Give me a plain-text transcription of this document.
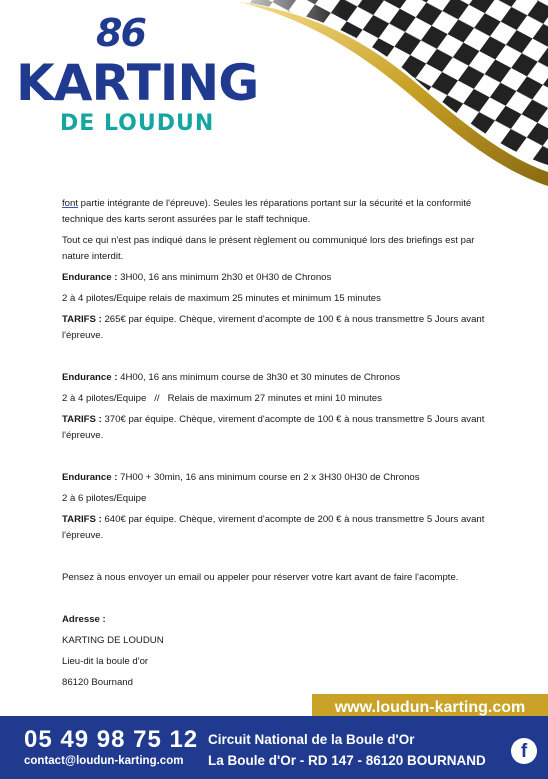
86
KARTING
DE LOUDUN

font partie intégrante de l'épreuve). Seules les réparations portant sur la sécurité et la conformité technique des karts seront assurées par le staff technique.

Tout ce qui n'est pas indiqué dans le présent règlement ou communiqué lors des briefings est par nature interdit.

Endurance : 3H00, 16 ans minimum 2h30 et 0H30 de Chronos

2 à 4 pilotes/Equipe relais de maximum 25 minutes et minimum 15 minutes

TARIFS : 265€ par équipe. Chèque, virement d'acompte de 100 € à nous transmettre 5 Jours avant l'épreuve.

Endurance : 4H00, 16 ans minimum course de 3h30 et 30 minutes de Chronos

2 à 4 pilotes/Equipe   //   Relais de maximum 27 minutes et mini 10 minutes

TARIFS : 370€ par équipe. Chèque, virement d'acompte de 100 € à nous transmettre 5 Jours avant l'épreuve.

Endurance : 7H00 + 30min, 16 ans minimum course en 2 x 3H30 0H30 de Chronos

2 à 6 pilotes/Equipe

TARIFS : 640€ par équipe. Chèque, virement d'acompte de 200 € à nous transmettre 5 Jours avant l'épreuve.

Pensez à nous envoyer un email ou appeler pour réserver votre kart avant de faire l'acompte.

Adresse :

KARTING DE LOUDUN

Lieu-dit la boule d'or

86120 Bournand

www.loudun-karting.com
05 49 98 75 12
contact@loudun-karting.com
Circuit National de la Boule d'Or
La Boule d'Or - RD 147 - 86120 BOURNAND	f
